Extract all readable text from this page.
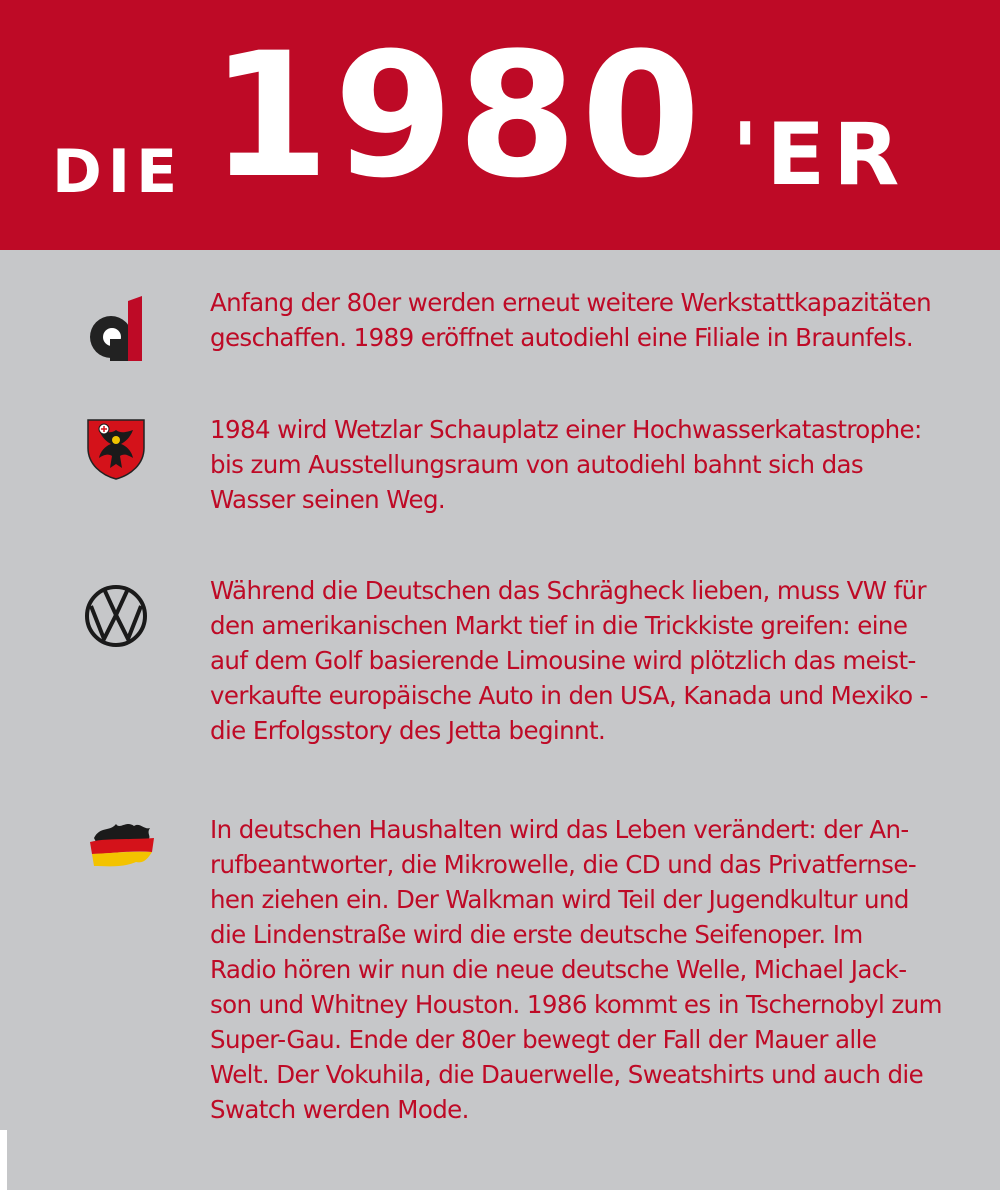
DIE 1980 'ER

Anfang der 80er werden erneut weitere Werkstattkapazitäten
geschaffen. 1989 eröffnet autodiehl eine Filiale in Braunfels.

1984 wird Wetzlar Schauplatz einer Hochwasserkatastrophe:
bis zum Ausstellungsraum von autodiehl bahnt sich das
Wasser seinen Weg.

Während die Deutschen das Schrägheck lieben, muss VW für
den amerikanischen Markt tief in die Trickkiste greifen: eine
auf dem Golf basierende Limousine wird plötzlich das meist-
verkaufte europäische Auto in den USA, Kanada und Mexiko -
die Erfolgsstory des Jetta beginnt.

In deutschen Haushalten wird das Leben verändert: der An-
rufbeantworter, die Mikrowelle, die CD und das Privatfernse-
hen ziehen ein. Der Walkman wird Teil der Jugendkultur und
die Lindenstraße wird die erste deutsche Seifenoper. Im
Radio hören wir nun die neue deutsche Welle, Michael Jack-
son und Whitney Houston. 1986 kommt es in Tschernobyl zum
Super-Gau. Ende der 80er bewegt der Fall der Mauer alle
Welt. Der Vokuhila, die Dauerwelle, Sweatshirts und auch die
Swatch werden Mode.
